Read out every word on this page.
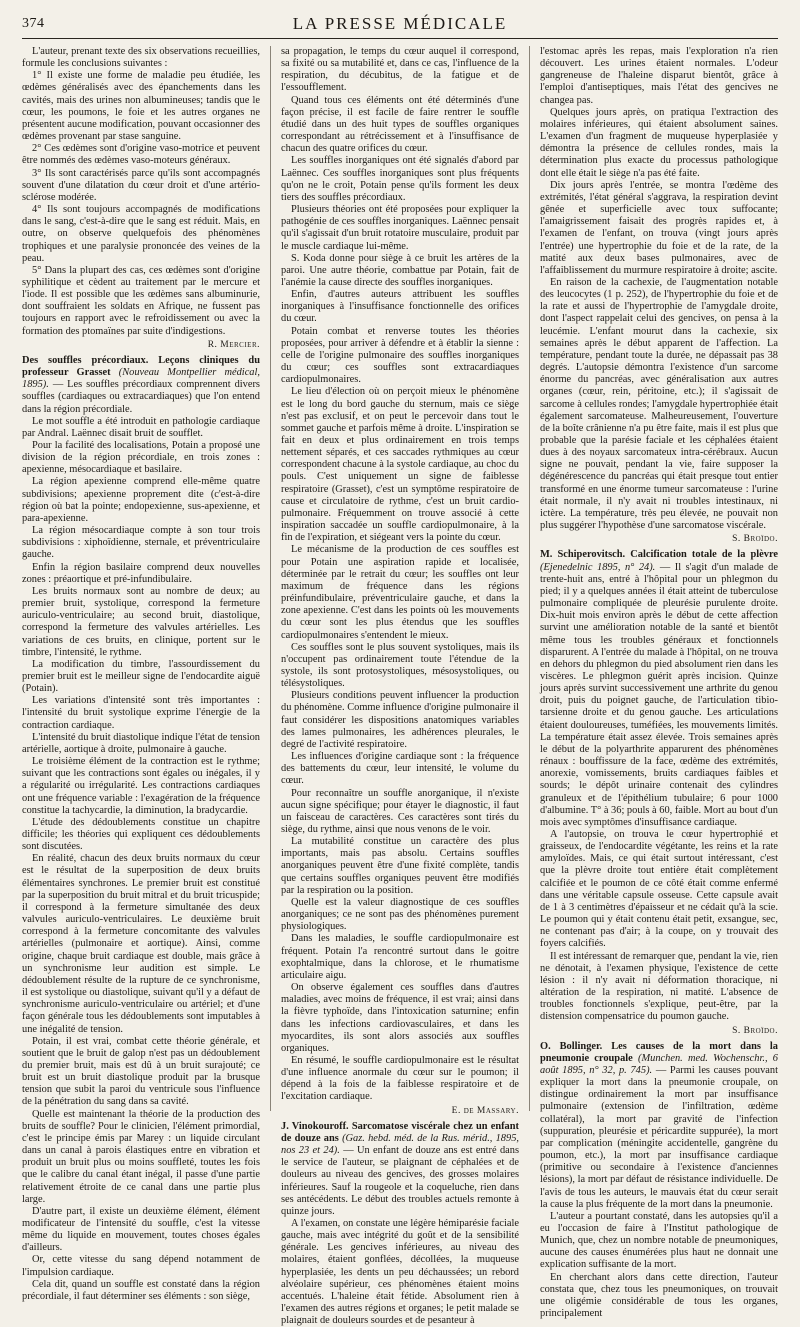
374	LA PRESSE MÉDICALE

L'auteur, prenant texte des six observations recueillies, formule les conclusions suivantes :

1° Il existe une forme de maladie peu étudiée, les œdèmes généralisés avec des épanchements dans les cavités, mais des urines non albumineuses; tandis que le cœur, les poumons, le foie et les autres organes ne présentent aucune modification, pouvant occasionner des œdèmes provenant par stase sanguine.

2° Ces œdèmes sont d'origine vaso-motrice et peuvent être nommés des œdèmes vaso-moteurs généraux.

3° Ils sont caractérisés parce qu'ils sont accompagnés souvent d'une dilatation du cœur droit et d'une artério-sclérose modérée.

4° Ils sont toujours accompagnés de modifications dans le sang, c'est-à-dire que le sang est réduit. Mais, en outre, on observe quelquefois des phénomènes trophiques et une paralysie prononcée des veines de la peau.

5° Dans la plupart des cas, ces œdèmes sont d'origine syphilitique et cèdent au traitement par le mercure et l'iode. Il est possible que les œdèmes sans albuminurie, dont souffraient les soldats en Afrique, ne fussent pas toujours en rapport avec le refroidissement ou avec la formation des ptomaïnes par suite d'indigestions.

R. Mercier.

Des souffles précordiaux. Leçons cliniques du professeur Grasset (Nouveau Montpellier médical, 1895). — Les souffles précordiaux comprennent divers souffles (cardiaques ou extracardiaques) que l'on entend dans la région précordiale.

Le mot souffle a été introduit en pathologie cardiaque par Andral. Laënnec disait bruit de soufflet.

Pour la facilité des localisations, Potain a proposé une division de la région précordiale, en trois zones : apexienne, mésocardiaque et basilaire.

La région apexienne comprend elle-même quatre subdivisions; apexienne proprement dite (c'est-à-dire région où bat la pointe; endopexienne, sus-apexienne, et para-apexienne.

La région mésocardiaque compte à son tour trois subdivisions : xiphoïdienne, sternale, et préventriculaire gauche.

Enfin la région basilaire comprend deux nouvelles zones : préaortique et pré-infundibulaire.

Les bruits normaux sont au nombre de deux; au premier bruit, systolique, correspond la fermeture auriculo-ventriculaire; au second bruit, diastolique, correspond la fermeture des valvules artérielles. Les variations de ces bruits, en clinique, portent sur le timbre, l'intensité, le rythme.

La modification du timbre, l'assourdissement du premier bruit est le meilleur signe de l'endocardite aiguë (Potain).

Les variations d'intensité sont très importantes : l'intensité du bruit systolique exprime l'énergie de la contraction cardiaque.

L'intensité du bruit diastolique indique l'état de tension artérielle, aortique à droite, pulmonaire à gauche.

Le troisième élément de la contraction est le rythme; suivant que les contractions sont égales ou inégales, il y a régularité ou irrégularité. Les contractions cardiaques ont une fréquence variable : l'exagération de la fréquence constitue la tachycardie, la diminution, la bradycardie.

L'étude des dédoublements constitue un chapitre difficile; les théories qui expliquent ces dédoublements sont discutées.

En réalité, chacun des deux bruits normaux du cœur est le résultat de la superposition de deux bruits élémentaires synchrones. Le premier bruit est constitué par la superposition du bruit mitral et du bruit tricuspide; il correspond à la fermeture simultanée des deux valvules auriculo-ventriculaires. Le deuxième bruit correspond à la fermeture concomitante des valvules artérielles (pulmonaire et aortique). Ainsi, comme origine, chaque bruit cardiaque est double, mais grâce à un synchronisme leur audition est simple. Le dédoublement résulte de la rupture de ce synchronisme, il est systolique ou diastolique, suivant qu'il y a défaut de synchronisme auriculo-ventriculaire ou artériel; et d'une façon générale tous les dédoublements sont imputables à une inégalité de tension.

Potain, il est vrai, combat cette théorie générale, et soutient que le bruit de galop n'est pas un dédoublement du premier bruit, mais est dû à un bruit surajouté; ce bruit est un bruit diastolique produit par la brusque tension que subit la paroi du ventricule sous l'influence de la pénétration du sang dans sa cavité.

Quelle est maintenant la théorie de la production des bruits de souffle? Pour le clinicien, l'élément primordial, c'est le principe émis par Marey : un liquide circulant dans un canal à parois élastiques entre en vibration et produit un bruit plus ou moins souffleté, toutes les fois que le calibre du canal étant inégal, il passe d'une partie relativement étroite de ce canal dans une partie plus large.

D'autre part, il existe un deuxième élément, élément modificateur de l'intensité du souffle, c'est la vitesse même du liquide en mouvement, toutes choses égales d'ailleurs.

Or, cette vitesse du sang dépend notamment de l'impulsion cardiaque.

Cela dit, quand un souffle est constaté dans la région précordiale, il faut déterminer ses éléments : son siège,

sa propagation, le temps du cœur auquel il correspond, sa fixité ou sa mutabilité et, dans ce cas, l'influence de la respiration, du décubitus, de la fatigue et de l'essoufflement.

Quand tous ces éléments ont été déterminés d'une façon précise, il est facile de faire rentrer le souffle étudié dans un des huit types de souffles organiques correspondant au rétrécissement et à l'insuffisance de chacun des quatre orifices du cœur.

Les souffles inorganiques ont été signalés d'abord par Laënnec. Ces souffles inorganiques sont plus fréquents qu'on ne le croit, Potain pense qu'ils forment les deux tiers des souffles précordiaux.

Plusieurs théories ont été proposées pour expliquer la pathogénie de ces souffles inorganiques. Laënnec pensait qu'il s'agissait d'un bruit rotatoire musculaire, produit par le muscle cardiaque lui-même.

S. Koda donne pour siège à ce bruit les artères de la paroi. Une autre théorie, combattue par Potain, fait de l'anémie la cause directe des souffles inorganiques.

Enfin, d'autres auteurs attribuent les souffles inorganiques à l'insuffisance fonctionnelle des orifices du cœur.

Potain combat et renverse toutes les théories proposées, pour arriver à défendre et à établir la sienne : celle de l'origine pulmonaire des souffles inorganiques du cœur; ces souffles sont extracardiaques cardiopulmonaires.

Le lieu d'élection où on perçoit mieux le phénomène est le long du bord gauche du sternum, mais ce siège n'est pas exclusif, et on peut le percevoir dans tout le sommet gauche et parfois même à droite. L'inspiration se fait en deux et plus ordinairement en trois temps nettement séparés, et ces saccades rythmiques au cœur correspondent chacune à la systole cardiaque, au choc du pouls. C'est uniquement un signe de faiblesse respiratoire (Grasset), c'est un symptôme respiratoire de cause et circulatoire de rythme, c'est un bruit cardio-pulmonaire. Fréquemment on trouve associé à cette inspiration saccadée un souffle cardiopulmonaire, à la fin de l'expiration, et siégeant vers la pointe du cœur.

Le mécanisme de la production de ces souffles est pour Potain une aspiration rapide et localisée, déterminée par le retrait du cœur; les souffles ont leur maximum de fréquence dans les régions préinfundibulaire, préventriculaire gauche, et dans la zone apexienne. C'est dans les points où les mouvements du cœur sont les plus étendus que les souffles cardiopulmonaires s'entendent le mieux.

Ces souffles sont le plus souvent systoliques, mais ils n'occupent pas ordinairement toute l'étendue de la systole, ils sont protosystoliques, mésosystoliques, ou télésystoliques.

Plusieurs conditions peuvent influencer la production du phénomène. Comme influence d'origine pulmonaire il faut considérer les dispositions anatomiques variables des lames pulmonaires, les adhérences pleurales, le degré de l'activité respiratoire.

Les influences d'origine cardiaque sont : la fréquence des battements du cœur, leur intensité, le volume du cœur.

Pour reconnaître un souffle anorganique, il n'existe aucun signe spécifique; pour étayer le diagnostic, il faut un faisceau de caractères. Ces caractères sont tirés du siège, du rythme, ainsi que nous venons de le voir.

La mutabilité constitue un caractère des plus importants, mais pas absolu. Certains souffles anorganiques peuvent être d'une fixité complète, tandis que certains souffles organiques peuvent être modifiés par la respiration ou la position.

Quelle est la valeur diagnostique de ces souffles anorganiques; ce ne sont pas des phénomènes purement physiologiques.

Dans les maladies, le souffle cardiopulmonaire est fréquent. Potain l'a rencontré surtout dans le goitre exophtalmique, dans la chlorose, et le rhumatisme articulaire aigu.

On observe également ces souffles dans d'autres maladies, avec moins de fréquence, il est vrai; ainsi dans la fièvre typhoïde, dans l'intoxication saturnine; enfin dans les infections cardiovasculaires, et dans les myocardites, ils sont alors associés aux souffles organiques.

En résumé, le souffle cardiopulmonaire est le résultat d'une influence anormale du cœur sur le poumon; il dépend à la fois de la faiblesse respiratoire et de l'excitation cardiaque.

E. de Massary.

J. Vinokouroff. Sarcomatose viscérale chez un enfant de douze ans (Gaz. hebd. méd. de la Rus. mérid., 1895, nos 23 et 24). — Un enfant de douze ans est entré dans le service de l'auteur, se plaignant de céphalées et de douleurs au niveau des gencives, des grosses molaires inférieures. Sauf la rougeole et la coqueluche, rien dans ses antécédents. Le début des troubles actuels remonte à quinze jours.

A l'examen, on constate une légère hémiparésie faciale gauche, mais avec intégrité du goût et de la sensibilité générale. Les gencives inférieures, au niveau des molaires, étaient gonflées, décollées, la muqueuse hyperplasiée, les dents un peu déchaussées; un rebord alvéolaire supérieur, ces phénomènes étaient moins accentués. L'haleine était fétide. Absolument rien à l'examen des autres régions et organes; le petit malade se plaignait de douleurs sourdes et de pesanteur à

l'estomac après les repas, mais l'exploration n'a rien découvert. Les urines étaient normales. L'odeur gangreneuse de l'haleine disparut bientôt, grâce à l'emploi d'antiseptiques, mais l'état des gencives ne changea pas.

Quelques jours après, on pratiqua l'extraction des molaires inférieures, qui étaient absolument saines. L'examen d'un fragment de muqueuse hyperplasiée y démontra la présence de cellules rondes, mais la détermination plus exacte du processus pathologique dont elle était le siège n'a pas été faite.

Dix jours après l'entrée, se montra l'œdème des extrémités, l'état général s'aggrava, la respiration devint gênée et superficielle avec toux suffocante; l'amaigrissement faisait des progrès rapides et, à l'examen de l'enfant, on trouva (vingt jours après l'entrée) une hypertrophie du foie et de la rate, de la matité aux deux bases pulmonaires, avec de l'affaiblissement du murmure respiratoire à droite; ascite.

En raison de la cachexie, de l'augmentation notable des leucocytes (1 p. 252), de l'hypertrophie du foie et de la rate et aussi de l'hypertrophie de l'amygdale droite, dont l'aspect rappelait celui des gencives, on pensa à la leucémie. L'enfant mourut dans la cachexie, six semaines après le début apparent de l'affection. La température, pendant toute la durée, ne dépassait pas 38 degrés. L'autopsie démontra l'existence d'un sarcome énorme du pancréas, avec généralisation aux autres organes (cœur, rein, péritoine, etc.); il s'agissait de sarcome à cellules rondes; l'amygdale hypertrophiée était également sarcomateuse. Malheureusement, l'ouverture de la boîte crânienne n'a pu être faite, mais il est plus que probable que la parésie faciale et les céphalées étaient dues à des noyaux sarcomateux intra-cérébraux. Aucun signe ne pouvait, pendant la vie, faire supposer la dégénérescence du pancréas qui était presque tout entier transformé en une énorme tumeur sarcomateuse : l'urine était normale, il n'y avait ni troubles intestinaux, ni ictère. La température, très peu élevée, ne pouvait non plus suggérer l'hypothèse d'une sarcomatose viscérale.

S. Broïdo.

M. Schiperovitsch. Calcification totale de la plèvre (Ejenedelnic 1895, n° 24). — Il s'agit d'un malade de trente-huit ans, entré à l'hôpital pour un phlegmon du pied; il y a quelques années il était atteint de tuberculose pulmonaire compliquée de pleurésie purulente droite. Dix-huit mois environ après le début de cette affection survint une amélioration notable de la santé et bientôt même tous les troubles généraux et fonctionnels disparurent. A l'entrée du malade à l'hôpital, on ne trouva en dehors du phlegmon du pied absolument rien dans les viscères. Le phlegmon guérit après incision. Quinze jours après survint successivement une arthrite du genou droit, puis du poignet gauche, de l'articulation tibio-tarsienne droite et du genou gauche. Les articulations étaient douloureuses, tuméfiées, les mouvements limités. La température était assez élevée. Trois semaines après le début de la polyarthrite apparurent des phénomènes rénaux : bouffissure de la face, œdème des extrémités, anorexie, vomissements, bruits cardiaques faibles et sourds; le dépôt urinaire contenait des cylindres granuleux et de l'épithélium tubulaire; 6 pour 1000 d'albumine. T° à 36; pouls à 60, faible. Mort au bout d'un mois avec symptômes d'insuffisance cardiaque.

A l'autopsie, on trouva le cœur hypertrophié et graisseux, de l'endocardite végétante, les reins et la rate amyloïdes. Mais, ce qui était surtout intéressant, c'est que la plèvre droite tout entière était complètement calcifiée et le poumon de ce côté était comme enfermé dans une véritable capsule osseuse. Cette capsule avait de 1 à 3 centimètres d'épaisseur et ne cédait qu'à la scie. Le poumon qui y était contenu était petit, exsangue, sec, ne contenant pas d'air; à la coupe, on y trouvait des foyers calcifiés.

Il est intéressant de remarquer que, pendant la vie, rien ne dénotait, à l'examen physique, l'existence de cette lésion : il n'y avait ni déformation thoracique, ni altération de la respiration, ni matité. L'absence de troubles fonctionnels s'explique, peut-être, par la distension compensatrice du poumon gauche.

S. Broïdo.

O. Bollinger. Les causes de la mort dans la pneumonie croupale (Munchen. med. Wochenschr., 6 août 1895, n° 32, p. 745). — Parmi les causes pouvant expliquer la mort dans la pneumonie croupale, on distingue ordinairement la mort par insuffisance pulmonaire (extension de l'infiltration, œdème collatéral), la mort par gravité de l'infection (suppuration, pleurésie et péricardite suppurée), la mort par complication (méningite accidentelle, gangrène du poumon, etc.), la mort par insuffisance cardiaque (primitive ou secondaire à l'existence d'anciennes lésions), la mort par défaut de résistance individuelle. De l'avis de tous les auteurs, le mauvais état du cœur serait la cause la plus fréquente de la mort dans la pneumonie.

L'auteur a pourtant constaté, dans les autopsies qu'il a eu l'occasion de faire à l'Institut pathologique de Munich, que, chez un nombre notable de pneumoniques, aucune des causes énumérées plus haut ne donnait une explication suffisante de la mort.

En cherchant alors dans cette direction, l'auteur constata que, chez tous les pneumoniques, on trouvait une oligémie considérable de tous les organes, principalement
